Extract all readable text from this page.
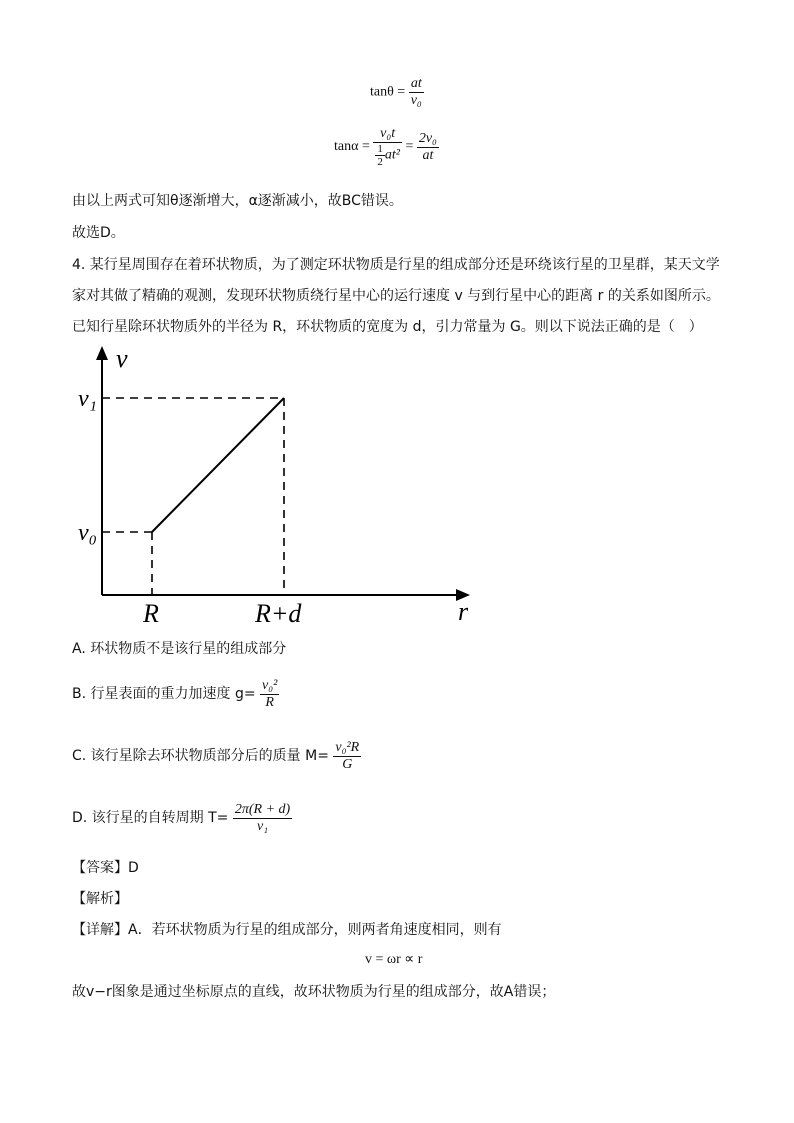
$\tan\theta = \frac{at}{\text{v₀}}$
$\tan\alpha = \frac{\text{v₀t}}{\frac{1}{2} at^2} = \frac{\text{2v₀}}{at}$
由以上两式可知θ逐渐增大，α逐渐减小，故BC错误。
故选D。
4. 某行星周围存在着环状物质，为了测定环状物质是行星的组成部分还是环绕该行星的卫星群，某天文学
家对其做了精确的观测，发现环状物质绕行星中心的运行速度 v 与到行星中心的距离 r 的关系如图所示。
已知行星除环状物质外的半径为 R，环状物质的宽度为 d，引力常量为 G。则以下说法正确的是（　）
v
r
v₁
v₀
R	R+d
A. 环状物质不是该行星的组成部分
B. 行星表面的重力加速度 $g= \frac{\text{v₀²}}{R}$
C. 该行星除去环状物质部分后的质量 $M= \frac{\text{v₀²R}}{G}$
D. 该行星的自转周期 $T= \frac{2\pi(R + d)}{\text{v₁}}$
【答案】D
【解析】
【详解】A．若环状物质为行星的组成部分，则两者角速度相同，则有
v = ωr ∝ r
故v−r图象是通过坐标原点的直线，故环状物质为行星的组成部分，故A错误；
